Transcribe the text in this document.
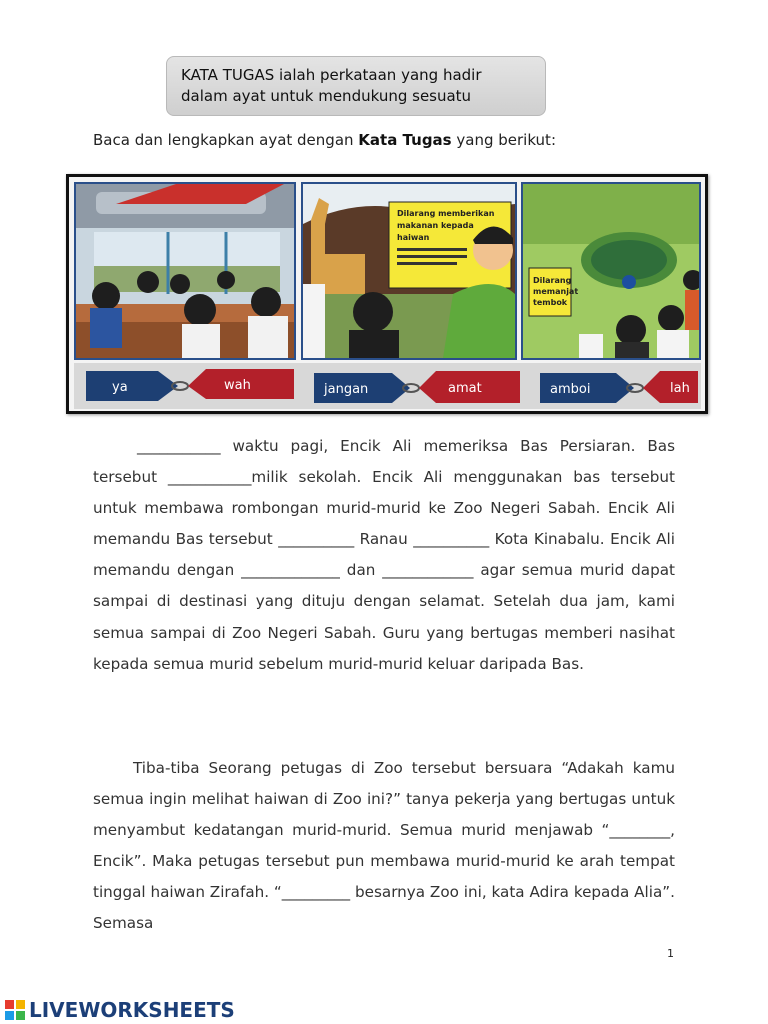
KATA TUGAS ialah perkataan yang hadir
dalam ayat untuk mendukung sesuatu
Baca dan lengkapkan ayat dengan Kata Tugas yang berikut:
Dilarang memberikan
makanan kepada
haiwan
Dilarang
memanjat
tembok
ya	wah	jangan	amat	amboi	lah

___________ waktu pagi, Encik Ali memeriksa Bas Persiaran. Bas tersebut ___________milik sekolah. Encik Ali menggunakan bas tersebut untuk membawa rombongan murid-murid ke Zoo Negeri Sabah. Encik Ali memandu Bas tersebut __________ Ranau __________ Kota Kinabalu. Encik Ali memandu dengan _____________ dan ____________ agar semua murid dapat sampai di destinasi yang dituju dengan selamat. Setelah dua jam, kami semua sampai di Zoo Negeri Sabah. Guru yang bertugas memberi nasihat kepada semua murid sebelum murid-murid keluar daripada Bas.

Tiba-tiba Seorang petugas di Zoo tersebut bersuara “Adakah kamu semua ingin melihat haiwan di Zoo ini?” tanya pekerja yang bertugas untuk menyambut kedatangan murid-murid. Semua murid menjawab “________, Encik”. Maka petugas tersebut pun membawa murid-murid ke arah tempat tinggal haiwan Zirafah. “_________ besarnya Zoo ini, kata Adira kepada Alia”. Semasa

1
LIVEWORKSHEETS
